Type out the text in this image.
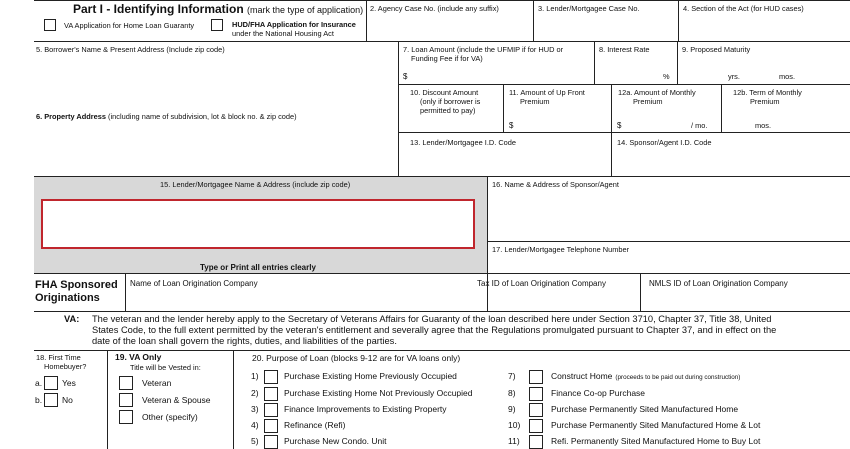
Part I - Identifying Information (mark the type of application)
VA Application for Home Loan Guaranty	HUD/FHA Application for Insurance
under the National Housing Act
2. Agency Case No. (include any suffix)	3. Lender/Mortgagee Case No.	4. Section of the Act (for HUD cases)
5. Borrower's Name & Present Address (Include zip code)	7. Loan Amount (include the UFMIP if for HUD or
Funding Fee if for VA)
$
8. Interest Rate
%
9. Proposed Maturity
yrs.	mos.
6. Property Address (including name of subdivision, lot & block no. & zip code)
10. Discount Amount
(only if borrower is
permitted to pay)
11. Amount of Up Front
Premium
$
12a. Amount of Monthly
Premium
$	/ mo.
12b. Term of Monthly
Premium
mos.
13. Lender/Mortgagee I.D. Code	14. Sponsor/Agent I.D. Code
15. Lender/Mortgagee Name & Address (include zip code)
Type or Print all entries clearly
16. Name & Address of Sponsor/Agent
17. Lender/Mortgagee Telephone Number
FHA Sponsored
Originations
Name of Loan Origination Company	Tax ID of Loan Origination Company	NMLS ID of Loan Origination Company
VA: The veteran and the lender hereby apply to the Secretary of Veterans Affairs for Guaranty of the loan described here under Section 3710, Chapter 37, Title 38, United
States Code, to the full extent permitted by the veteran's entitlement and severally agree that the Regulations promulgated pursuant to Chapter 37, and in effect on the
date of the loan shall govern the rights, duties, and liabilities of the parties.
18. First Time
Homebuyer?
a. Yes
b. No
19. VA Only
Title will be Vested in:
Veteran
Veteran & Spouse
Other (specify)
20. Purpose of Loan (blocks 9-12 are for VA loans only)
1)	Purchase Existing Home Previously Occupied
2)	Purchase Existing Home Not Previously Occupied
3)	Finance Improvements to Existing Property
4)	Refinance (Refi)
5)	Purchase New Condo. Unit
7)	Construct Home (proceeds to be paid out during construction)
8)	Finance Co-op Purchase
9)	Purchase Permanently Sited Manufactured Home
10)	Purchase Permanently Sited Manufactured Home & Lot
11)	Refi. Permanently Sited Manufactured Home to Buy Lot
